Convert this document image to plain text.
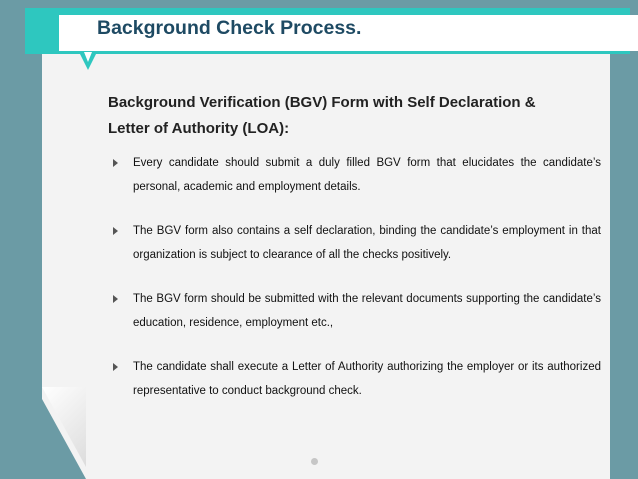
Background Check Process.
Background Verification (BGV) Form with Self Declaration & Letter of Authority (LOA):
Every candidate should submit a duly filled BGV form that elucidates the candidate’s personal, academic and employment details.
The BGV form also contains a self declaration, binding the candidate’s employment in that organization is subject to clearance of all the checks positively.
The BGV form should be submitted with the relevant documents supporting the candidate’s education, residence, employment etc.,
The candidate shall execute a Letter of Authority authorizing the employer or its authorized representative to conduct background check.
